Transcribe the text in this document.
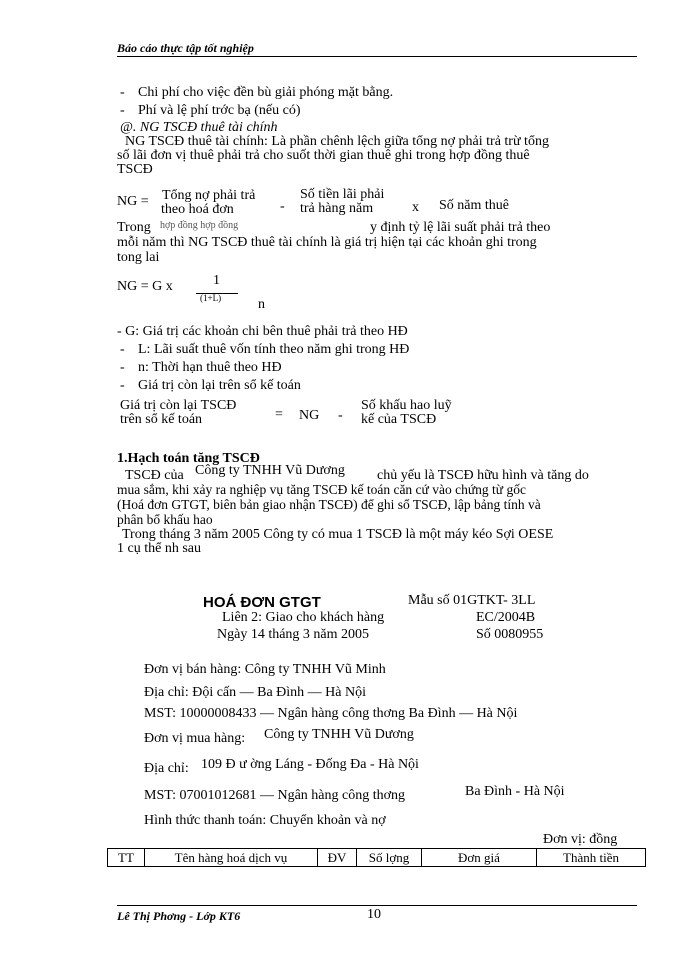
Báo cáo thực tập tốt nghiệp
- Chi phí cho việc đền bù giải phóng mặt bằng.
- Phí và lệ phí trớc bạ (nếu có)
@. NG TSCĐ thuê tài chính
NG TSCĐ thuê tài chính: Là phần chênh lệch giữa tổng nợ phải trả trừ tổng
số lãi đơn vị thuê phải trả cho suốt thời gian thuê ghi trong hợp đồng thuê
TSCĐ
NG = Tổng nợ phải trả
theo hoá đơn	-
Số tiền lãi phải
trả hàng năm	x Số năm thuê
Trong hợp đồng hợp đồng	y định tỷ lệ lãi suất phải trả theo
mỗi năm thì NG TSCĐ thuê tài chính là giá trị hiện tại các khoản ghi trong
tong lai
NG = G x	1
(1+L)	n
- G: Giá trị các khoản chi bên thuê phải trả theo HĐ
- L: Lãi suất thuê vốn tính theo năm ghi trong HĐ
- n: Thời hạn thuê theo HĐ
- Giá trị còn lại trên sổ kế toán
Giá trị còn lại TSCĐ
trên sổ kế toán	= NG -
Số khấu hao luỹ
kế của TSCĐ
1.Hạch toán tăng TSCĐ
TSCĐ của Công ty TNHH Vũ Dương chủ yếu là TSCĐ hữu hình và tăng do
mua sắm, khi xảy ra nghiệp vụ tăng TSCĐ kế toán căn cứ vào chứng từ gốc
(Hoá đơn GTGT, biên bản giao nhận TSCĐ) để ghi sổ TSCĐ, lập bảng tính và
phân bổ khấu hao
Trong tháng 3 năm 2005 Công ty có mua 1 TSCĐ là một máy kéo Sợi OESE
1 cụ thể nh sau
HOÁ ĐƠN GTGT	Mẫu số 01GTKT- 3LL
Liên 2: Giao cho khách hàng	EC/2004B
Ngày 14 tháng 3 năm 2005	Số 0080955
Đơn vị bán hàng: Công ty TNHH Vũ Minh
Địa chỉ: Đội cấn — Ba Đình — Hà Nội
MST: 10000008433 — Ngân hàng công thơng Ba Đình — Hà Nội
Đơn vị mua hàng: Công ty TNHH Vũ Dương
Địa chỉ: 109 Đ ư ờng Láng - Đống Đa - Hà Nội
MST: 07001012681 — Ngân hàng công thơng	Ba Đình - Hà Nội
Hình thức thanh toán: Chuyển khoản và nợ
Đơn vị: đồng
TT	Tên hàng hoá dịch vụ	ĐV	Số lợng	Đơn giá	Thành tiền
Lê Thị Phơng - Lớp KT6	10
